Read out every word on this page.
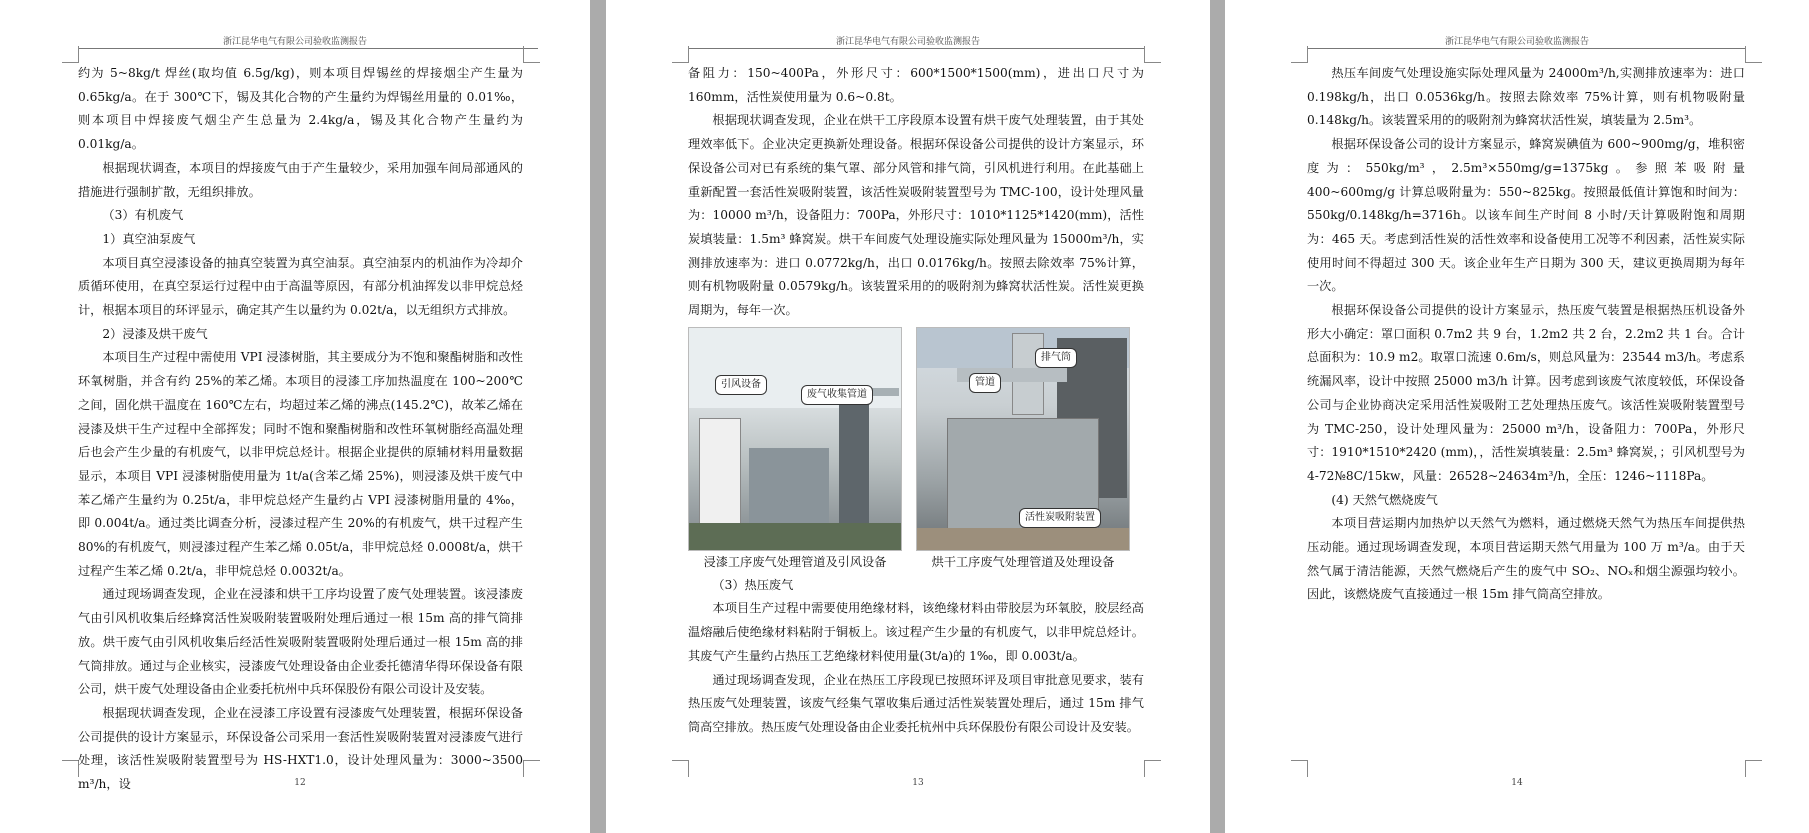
浙江昆华电气有限公司验收监测报告

约为 5~8kg/t 焊丝(取均值 6.5g/kg)，则本项目焊锡丝的焊接烟尘产生量为 0.65kg/a。在于 300℃下，锡及其化合物的产生量约为焊锡丝用量的 0.01‰，则本项目中焊接废气烟尘产生总量为 2.4kg/a，锡及其化合物产生量约为 0.01kg/a。

根据现状调查，本项目的焊接废气由于产生量较少，采用加强车间局部通风的措施进行强制扩散，无组织排放。

（3）有机废气

1）真空油泵废气

本项目真空浸漆设备的抽真空装置为真空油泵。真空油泵内的机油作为冷却介质循环使用，在真空泵运行过程中由于高温等原因，有部分机油挥发以非甲烷总烃计，根据本项目的环评显示，确定其产生以量约为 0.02t/a，以无组织方式排放。

2）浸漆及烘干废气

本项目生产过程中需使用 VPI 浸漆树脂，其主要成分为不饱和聚酯树脂和改性环氧树脂，并含有约 25%的苯乙烯。本项目的浸漆工序加热温度在 100~200℃之间，固化烘干温度在 160℃左右，均超过苯乙烯的沸点(145.2℃)，故苯乙烯在浸漆及烘干生产过程中全部挥发；同时不饱和聚酯树脂和改性环氧树脂经高温处理后也会产生少量的有机废气，以非甲烷总烃计。根据企业提供的原辅材料用量数据显示，本项目 VPI 浸漆树脂使用量为 1t/a(含苯乙烯 25%)，则浸漆及烘干废气中苯乙烯产生量约为 0.25t/a，非甲烷总烃产生量约占 VPI 浸漆树脂用量的 4‰，即 0.004t/a。通过类比调查分析，浸漆过程产生 20%的有机废气，烘干过程产生 80%的有机废气，则浸漆过程产生苯乙烯 0.05t/a，非甲烷总烃 0.0008t/a，烘干过程产生苯乙烯 0.2t/a，非甲烷总烃 0.0032t/a。

通过现场调查发现，企业在浸漆和烘干工序均设置了废气处理装置。该浸漆废气由引风机收集后经蜂窝活性炭吸附装置吸附处理后通过一根 15m 高的排气筒排放。烘干废气由引风机收集后经活性炭吸附装置吸附处理后通过一根 15m 高的排气筒排放。通过与企业核实，浸漆废气处理设备由企业委托德清华得环保设备有限公司，烘干废气处理设备由企业委托杭州中兵环保股份有限公司设计及安装。

根据现状调查发现，企业在浸漆工序设置有浸漆废气处理装置，根据环保设备公司提供的设计方案显示，环保设备公司采用一套活性炭吸附装置对浸漆废气进行处理，该活性炭吸附装置型号为 HS-HXT1.0，设计处理风量为：3000~3500 m³/h，设	12
浙江昆华电气有限公司验收监测报告

备阻力：150~400Pa，外形尺寸：600*1500*1500(mm)，进出口尺寸为 160mm，活性炭使用量为 0.6~0.8t。

根据现状调查发现，企业在烘干工序段原本设置有烘干废气处理装置，由于其处理效率低下。企业决定更换新处理设备。根据环保设备公司提供的设计方案显示，环保设备公司对已有系统的集气罩、部分风管和排气筒，引风机进行利用。在此基础上重新配置一套活性炭吸附装置，该活性炭吸附装置型号为 TMC-100，设计处理风量为：10000 m³/h，设备阻力：700Pa，外形尺寸：1010*1125*1420(mm)，活性炭填装量：1.5m³ 蜂窝炭。烘干车间废气处理设施实际处理风量为 15000m³/h，实测排放速率为：进口 0.0772kg/h，出口 0.0176kg/h。按照去除效率 75%计算，则有机物吸附量 0.0579kg/h。该装置采用的的吸附剂为蜂窝状活性炭。活性炭更换周期为，每年一次。

引风设备
废气收集管道
管道
排气筒
活性炭吸附装置
浸漆工序废气处理管道及引风设备	烘干工序废气处理管道及处理设备

（3）热压废气

本项目生产过程中需要使用绝缘材料，该绝缘材料由带胶层为环氧胶，胶层经高温熔融后使绝缘材料粘附于铜板上。该过程产生少量的有机废气，以非甲烷总烃计。其废气产生量约占热压工艺绝缘材料使用量(3t/a)的 1‰，即 0.003t/a。

通过现场调查发现，企业在热压工序段现已按照环评及项目审批意见要求，装有热压废气处理装置，该废气经集气罩收集后通过活性炭装置处理后，通过 15m 排气筒高空排放。热压废气处理设备由企业委托杭州中兵环保股份有限公司设计及安装。

13
浙江昆华电气有限公司验收监测报告

热压车间废气处理设施实际处理风量为 24000m³/h,实测排放速率为：进口 0.198kg/h，出口 0.0536kg/h。按照去除效率 75%计算，则有机物吸附量 0.148kg/h。该装置采用的的吸附剂为蜂窝状活性炭，填装量为 2.5m³。

根据环保设备公司的设计方案显示，蜂窝炭碘值为 600~900mg/g，堆积密度为：550kg/m³，2.5m³×550mg/g=1375kg。参照苯吸附量 400~600mg/g 计算总吸附量为：550~825kg。按照最低值计算饱和时间为：550kg/0.148kg/h=3716h。以该车间生产时间 8 小时/天计算吸附饱和周期为：465 天。考虑到活性炭的活性效率和设备使用工况等不利因素，活性炭实际使用时间不得超过 300 天。该企业年生产日期为 300 天，建议更换周期为每年一次。

根据环保设备公司提供的设计方案显示，热压废气装置是根据热压机设备外形大小确定：罩口面积 0.7m2 共 9 台，1.2m2 共 2 台，2.2m2 共 1 台。合计总面积为：10.9 m2。取罩口流速 0.6m/s，则总风量为：23544 m3/h。考虑系统漏风率，设计中按照 25000 m3/h 计算。因考虑到该废气浓度较低，环保设备公司与企业协商决定采用活性炭吸附工艺处理热压废气。该活性炭吸附装置型号为 TMC-250，设计处理风量为：25000 m³/h，设备阻力：700Pa，外形尺寸：1910*1510*2420 (mm)，，活性炭填装量：2.5m³ 蜂窝炭，；引风机型号为 4-72№8C/15kw，风量：26528~24634m³/h，全压：1246~1118Pa。

(4) 天然气燃烧废气

本项目营运期内加热炉以天然气为燃料，通过燃烧天然气为热压车间提供热压动能。通过现场调查发现，本项目营运期天然气用量为 100 万 m³/a。由于天然气属于清洁能源，天然气燃烧后产生的废气中 SO₂、NOₓ和烟尘源强均较小。因此，该燃烧废气直接通过一根 15m 排气筒高空排放。

14
